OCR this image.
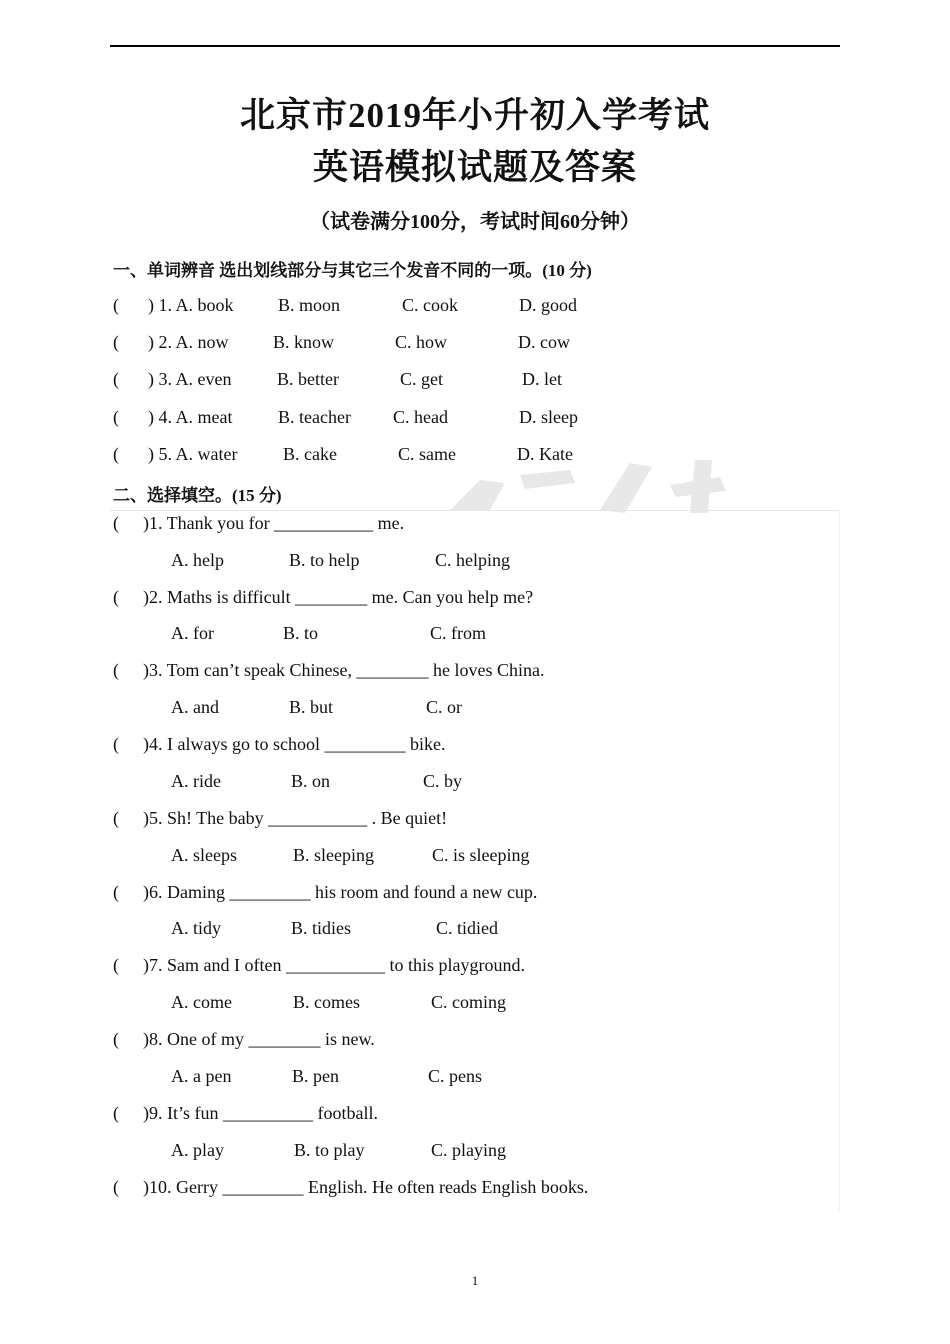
北京市2019年小升初入学考试
英语模拟试题及答案
（试卷满分100分，考试时间60分钟）
一、单词辨音 选出划线部分与其它三个发音不同的一项。(10 分)
( ) 1. A. book B. moon	C. cook	D. good
( ) 2. A. now B. know	C. how	D. cow
( ) 3. A. even	B. better	C. get	D. let
( ) 4. A. meat	B. teacher C. head	D. sleep
( ) 5. A. water	B. cake	C. same	D. Kate
二、选择填空。(15 分)
( )1. Thank you for ___________ me.
A. help	B. to help	C. helping
( )2. Maths is difficult ________ me. Can you help me?
A. for	B. to	C. from
( )3. Tom can’t speak Chinese, ________ he loves China.
A. and	B. but	C. or
( )4. I always go to school _________ bike.
A. ride	B. on	C. by
( )5. Sh! The baby ___________ . Be quiet!
A. sleeps	B. sleeping	C. is sleeping
( )6. Daming _________ his room and found a new cup.
A. tidy	B. tidies	C. tidied
( )7. Sam and I often ___________ to this playground.
A. come	B. comes	C. coming
( )8. One of my ________ is new.
A. a pen	B. pen	C. pens
( )9. It’s fun __________ football.
A. play	B. to play	C. playing
( )10. Gerry _________ English. He often reads English books.
1
